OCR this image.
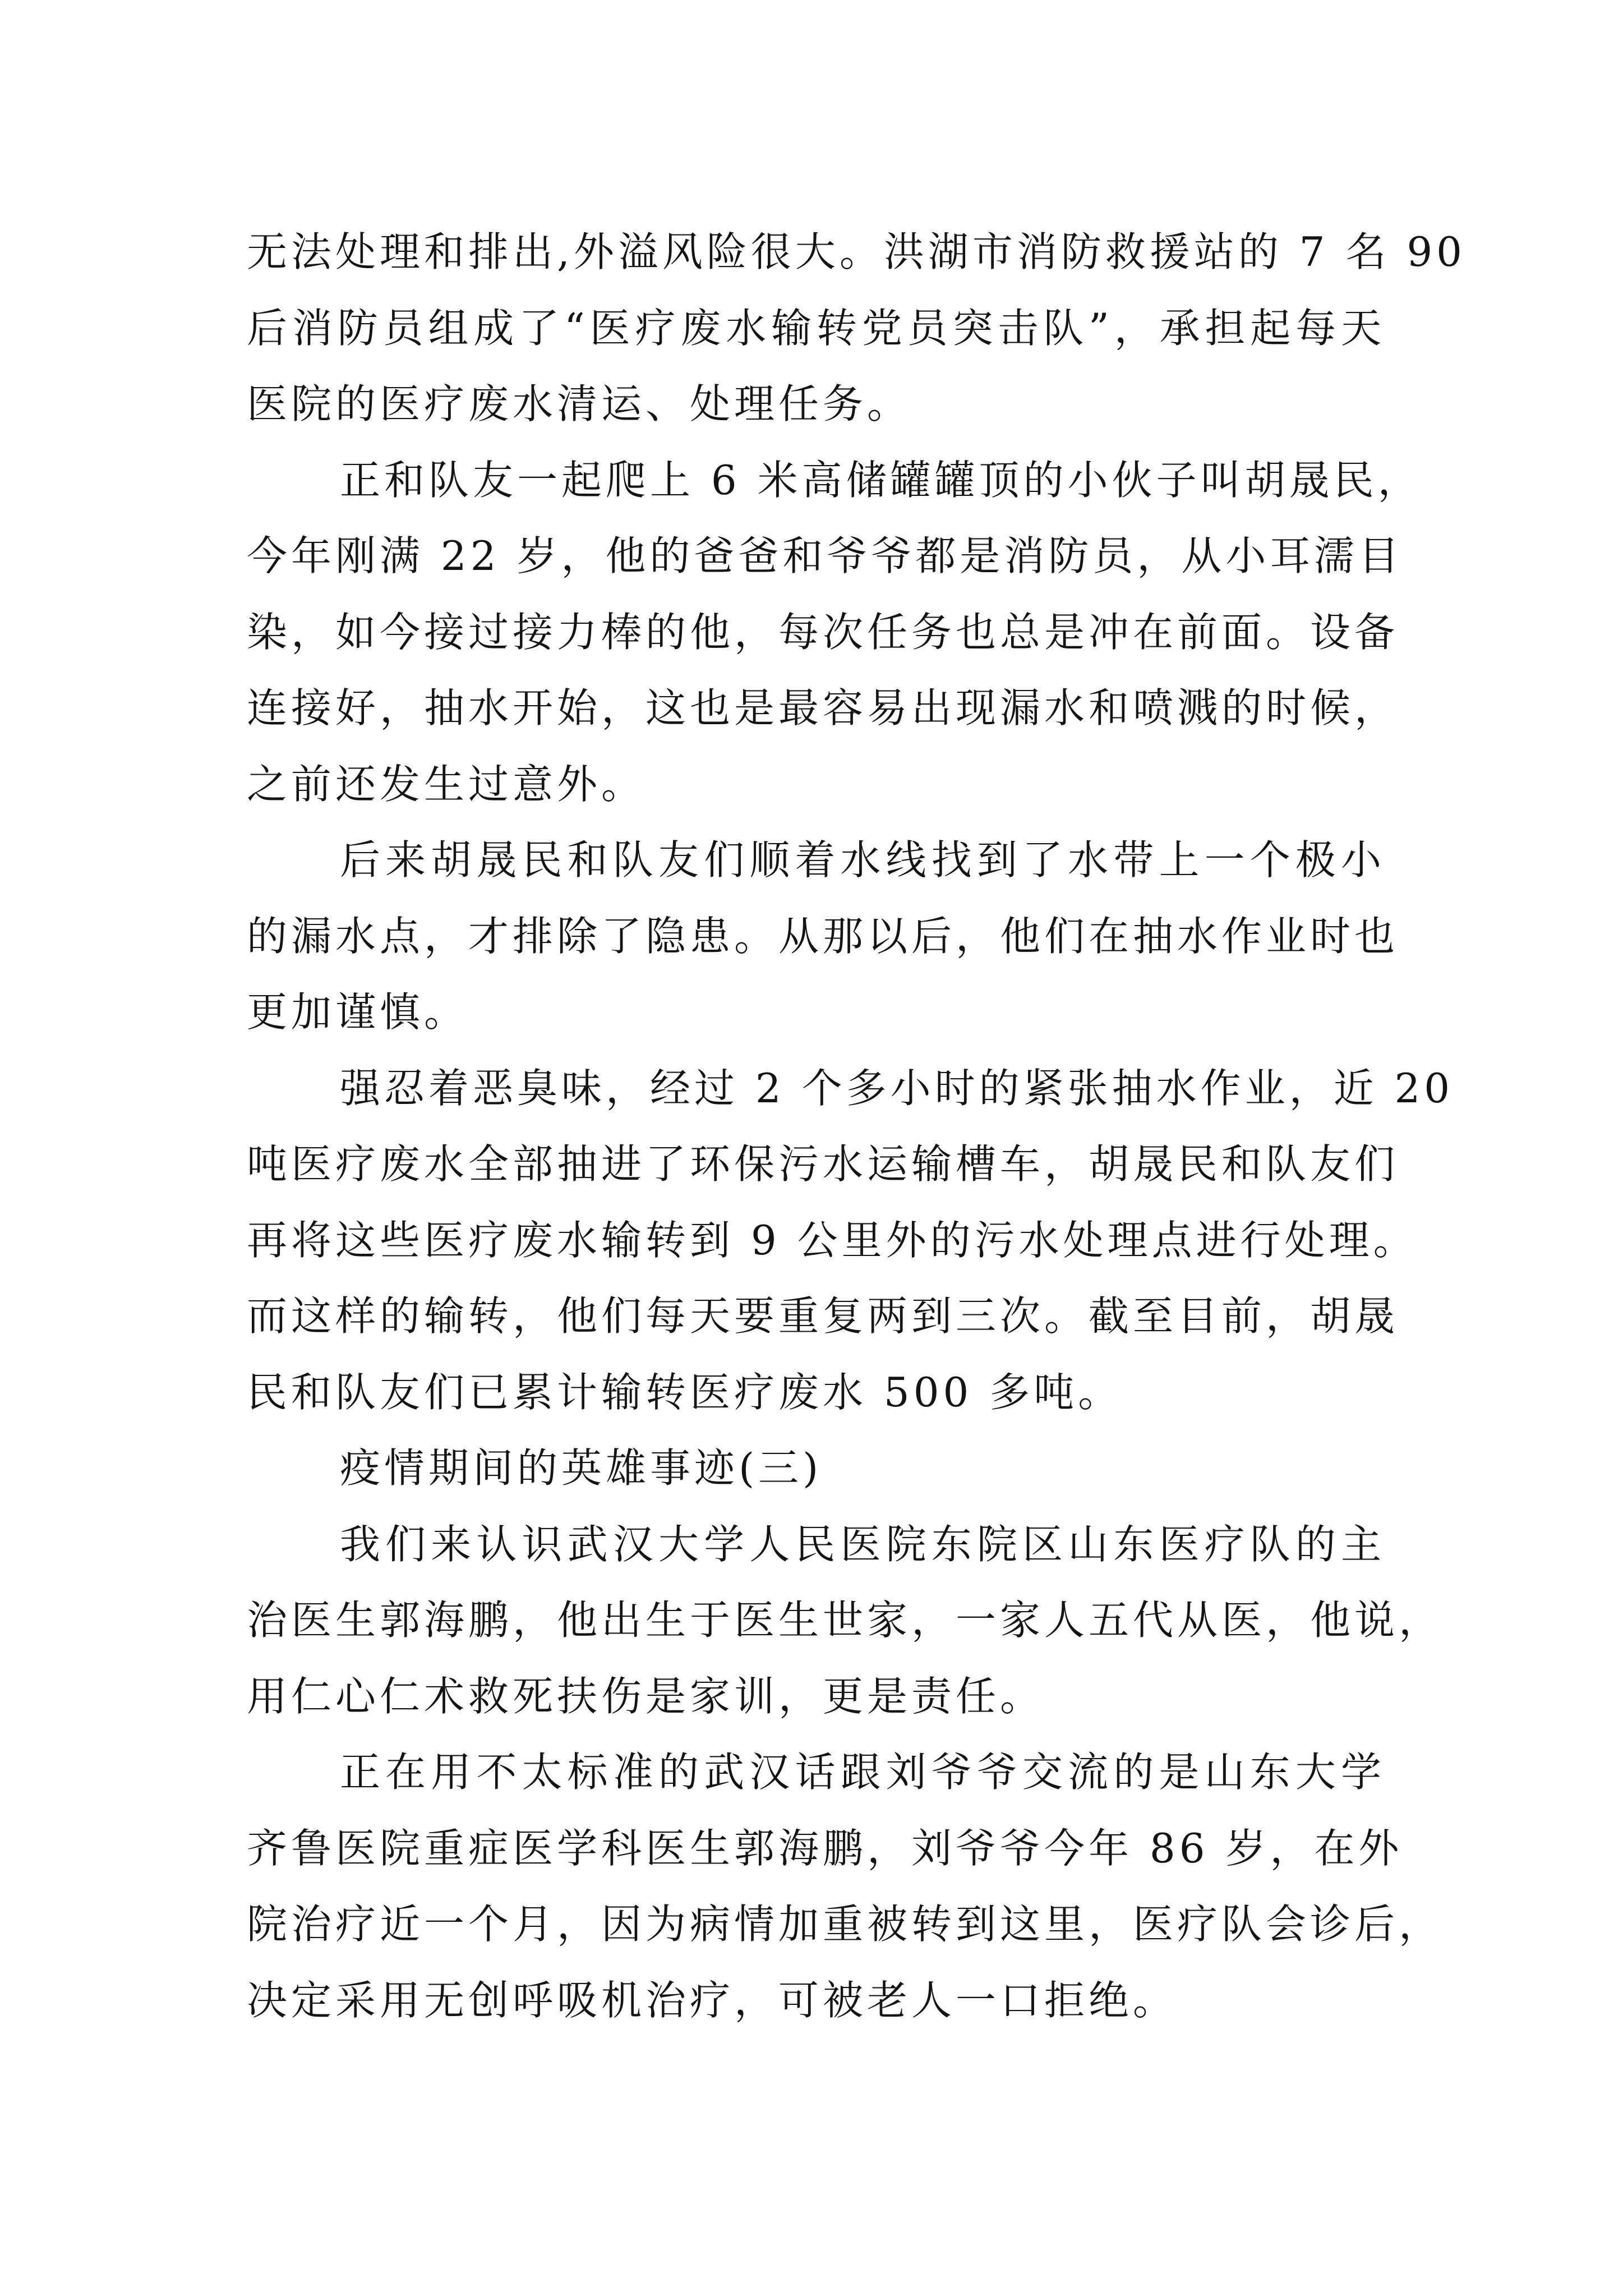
无法处理和排出,外溢风险很大。洪湖市消防救援站的 7 名 90
后消防员组成了“医疗废水输转党员突击队”，承担起每天
医院的医疗废水清运、处理任务。
正和队友一起爬上 6 米高储罐罐顶的小伙子叫胡晟民，
今年刚满 22 岁，他的爸爸和爷爷都是消防员，从小耳濡目
染，如今接过接力棒的他，每次任务也总是冲在前面。设备
连接好，抽水开始，这也是最容易出现漏水和喷溅的时候，
之前还发生过意外。
后来胡晟民和队友们顺着水线找到了水带上一个极小
的漏水点，才排除了隐患。从那以后，他们在抽水作业时也
更加谨慎。
强忍着恶臭味，经过 2 个多小时的紧张抽水作业，近 20
吨医疗废水全部抽进了环保污水运输槽车，胡晟民和队友们
再将这些医疗废水输转到 9 公里外的污水处理点进行处理。
而这样的输转，他们每天要重复两到三次。截至目前，胡晟
民和队友们已累计输转医疗废水 500 多吨。
疫情期间的英雄事迹(三)
我们来认识武汉大学人民医院东院区山东医疗队的主
治医生郭海鹏，他出生于医生世家，一家人五代从医，他说，
用仁心仁术救死扶伤是家训，更是责任。
正在用不太标准的武汉话跟刘爷爷交流的是山东大学
齐鲁医院重症医学科医生郭海鹏，刘爷爷今年 86 岁，在外
院治疗近一个月，因为病情加重被转到这里，医疗队会诊后，
决定采用无创呼吸机治疗，可被老人一口拒绝。
